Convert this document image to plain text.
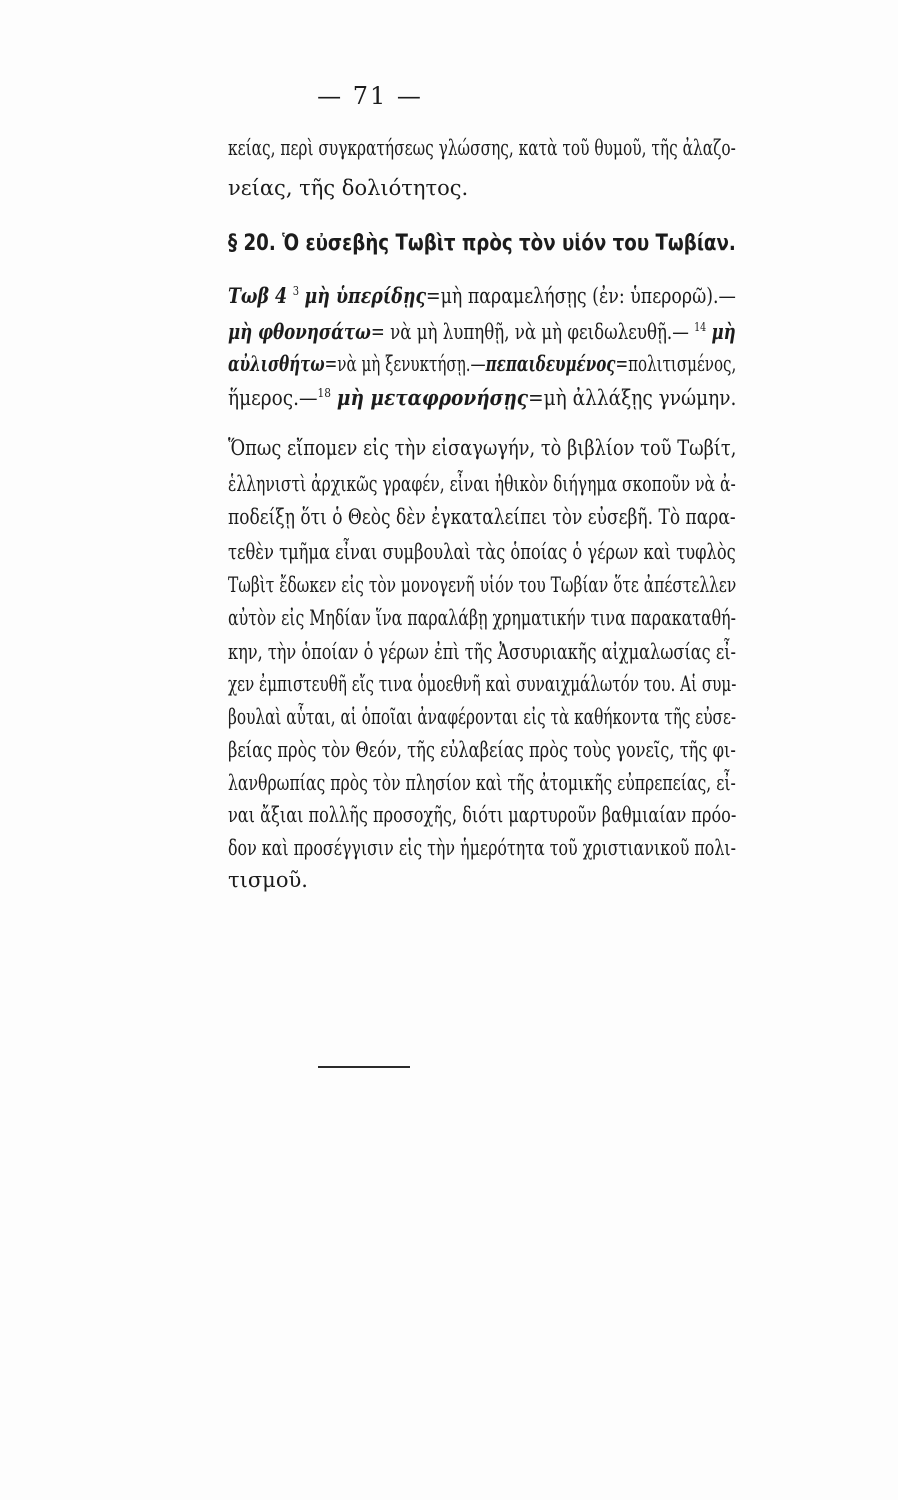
— 71 —
κείας, περὶ συγκρατήσεως γλώσσης, κατὰ τοῦ θυμοῦ, τῆς ἀλαζο-
νείας, τῆς δολιότητος.
§ 20. Ὁ εὐσεβὴς Τωβὶτ πρὸς τὸν υἱόν του Τωβίαν.
Τωβ 4 $^3$ μὴ ὑπερίδῃς=μὴ παραμελήσῃς (ἐν: ὑπερορῶ).—
μὴ φθονησάτω= νὰ μὴ λυπηθῇ, νὰ μὴ φειδωλευθῇ.— $^{14}$ μὴ
αὐλισθήτω=νὰ μὴ ξενυκτήσῃ.—πεπαιδευμένος=πολιτισμένος,
ἥμερος.—$^{18}$ μὴ μεταφρονήσῃς=μὴ ἀλλάξῃς γνώμην.
Ὅπως εἴπομεν εἰς τὴν εἰσαγωγήν, τὸ βιβλίον τοῦ Τωβίτ,
ἑλληνιστὶ ἀρχικῶς γραφέν, εἶναι ἠθικὸν διήγημα σκοποῦν νὰ ἀ-
ποδείξῃ ὅτι ὁ Θεὸς δὲν ἐγκαταλείπει τὸν εὐσεβῆ. Τὸ παρα-
τεθὲν τμῆμα εἶναι συμβουλαὶ τὰς ὁποίας ὁ γέρων καὶ τυφλὸς
Τωβὶτ ἔδωκεν εἰς τὸν μονογενῆ υἱόν του Τωβίαν ὅτε ἀπέστελλεν
αὐτὸν εἰς Μηδίαν ἵνα παραλάβῃ χρηματικήν τινα παρακαταθή-
κην, τὴν ὁποίαν ὁ γέρων ἐπὶ τῆς Ἀσσυριακῆς αἰχμαλωσίας εἶ-
χεν ἐμπιστευθῆ εἴς τινα ὁμοεθνῆ καὶ συναιχμάλωτόν του. Αἱ συμ-
βουλαὶ αὗται, αἱ ὁποῖαι ἀναφέρονται εἰς τὰ καθήκοντα τῆς εὐσε-
βείας πρὸς τὸν Θεόν, τῆς εὐλαβείας πρὸς τοὺς γονεῖς, τῆς φι-
λανθρωπίας πρὸς τὸν πλησίον καὶ τῆς ἀτομικῆς εὐπρεπείας, εἶ-
ναι ἄξιαι πολλῆς προσοχῆς, διότι μαρτυροῦν βαθμιαίαν πρόο-
δον καὶ προσέγγισιν εἰς τὴν ἡμερότητα τοῦ χριστιανικοῦ πολι-
τισμοῦ.
